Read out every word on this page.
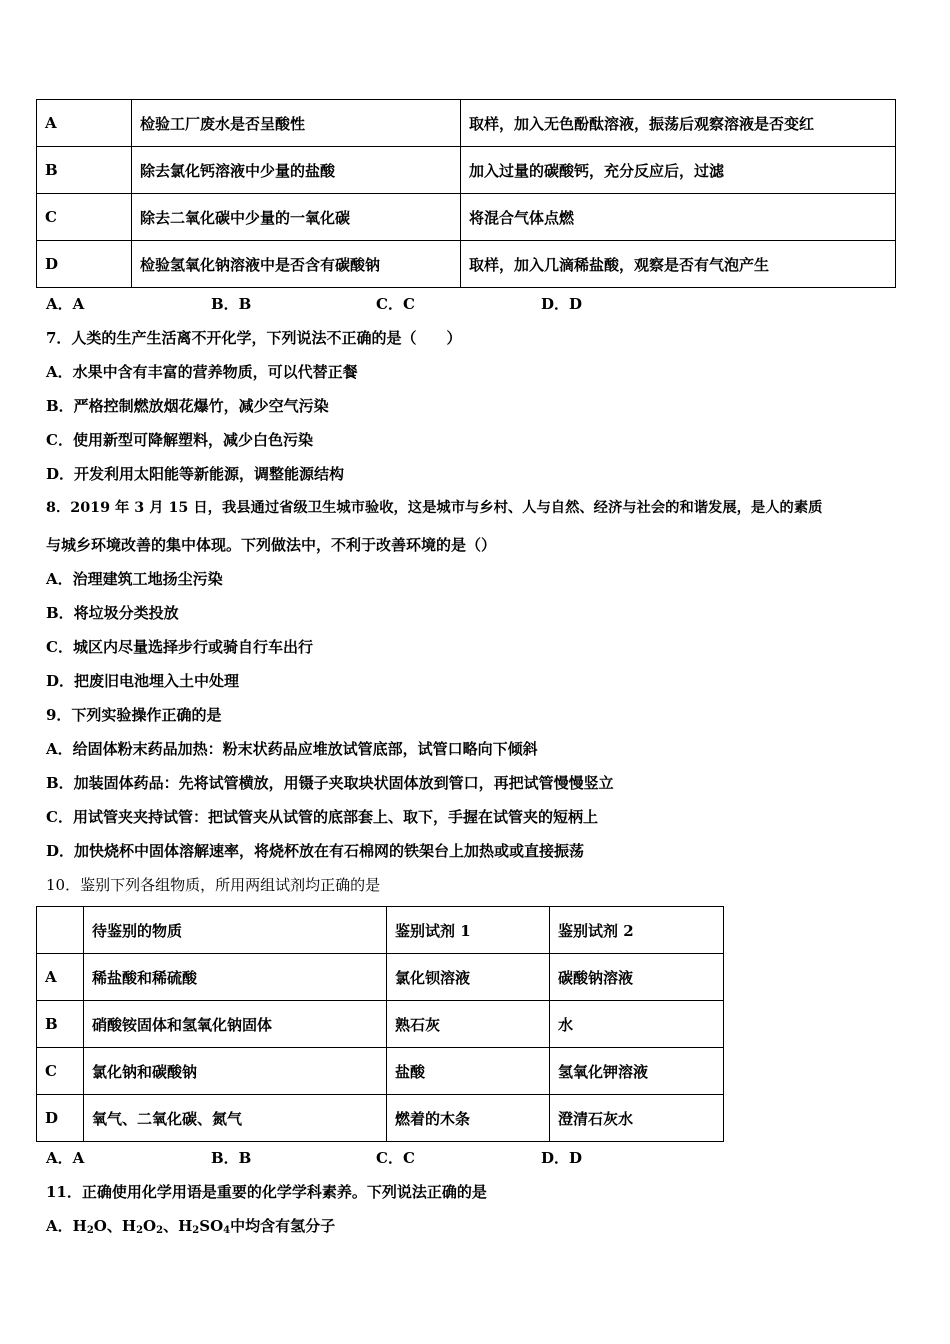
A	检验工厂废水是否呈酸性	取样，加入无色酚酞溶液，振荡后观察溶液是否变红
B	除去氯化钙溶液中少量的盐酸	加入过量的碳酸钙，充分反应后，过滤
C	除去二氧化碳中少量的一氧化碳	将混合气体点燃
D	检验氢氧化钠溶液中是否含有碳酸钠	取样，加入几滴稀盐酸，观察是否有气泡产生
A．A	B．B	C．C	D．D
7．人类的生产生活离不开化学，下列说法不正确的是（　　）
A．水果中含有丰富的营养物质，可以代替正餐
B．严格控制燃放烟花爆竹，减少空气污染
C．使用新型可降解塑料，减少白色污染
D．开发利用太阳能等新能源，调整能源结构
8．2019 年 3 月 15 日，我县通过省级卫生城市验收，这是城市与乡村、人与自然、经济与社会的和谐发展，是人的素质
与城乡环境改善的集中体现。下列做法中，不利于改善环境的是（）
A．治理建筑工地扬尘污染
B．将垃圾分类投放
C．城区内尽量选择步行或骑自行车出行
D．把废旧电池埋入土中处理
9．下列实验操作正确的是
A．给固体粉末药品加热：粉末状药品应堆放试管底部，试管口略向下倾斜
B．加装固体药品：先将试管横放，用镊子夹取块状固体放到管口，再把试管慢慢竖立
C．用试管夹夹持试管：把试管夹从试管的底部套上、取下，手握在试管夹的短柄上
D．加快烧杯中固体溶解速率，将烧杯放在有石棉网的铁架台上加热或或直接振荡
10．鉴别下列各组物质，所用两组试剂均正确的是
	待鉴别的物质	鉴别试剂 1	鉴别试剂 2
A	稀盐酸和稀硫酸	氯化钡溶液	碳酸钠溶液
B	硝酸铵固体和氢氧化钠固体	熟石灰	水
C	氯化钠和碳酸钠	盐酸	氢氧化钾溶液
D	氧气、二氧化碳、氮气	燃着的木条	澄清石灰水
A．A	B．B	C．C	D．D
11．正确使用化学用语是重要的化学学科素养。下列说法正确的是
A．$H_2O$、$H_2O_2$、$H_2SO_4$中均含有氢分子
